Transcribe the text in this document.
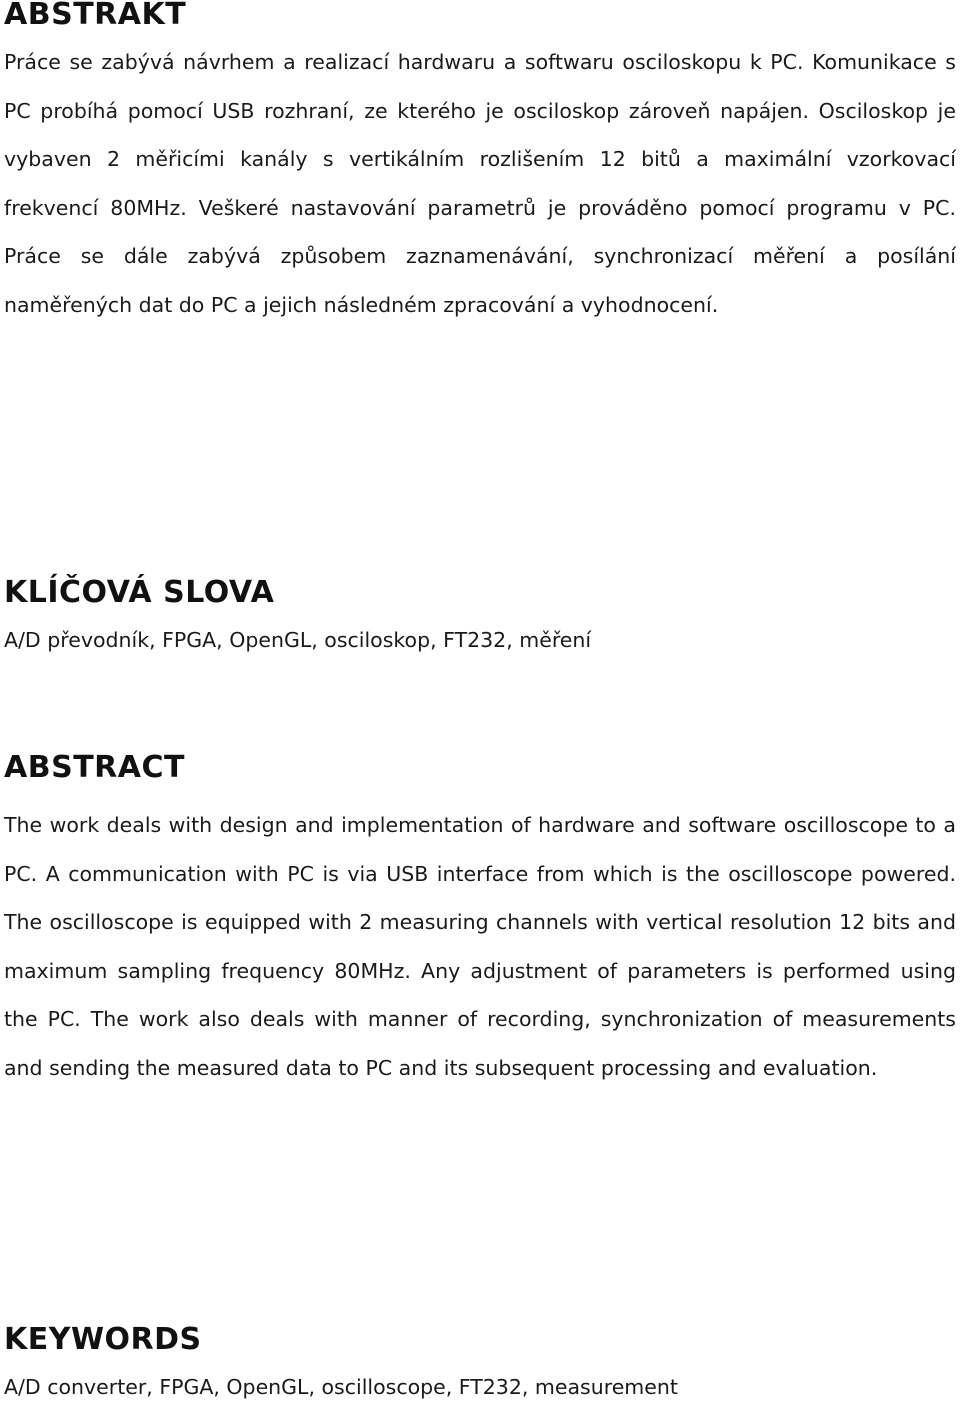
ABSTRAKT

Práce se zabývá návrhem a realizací hardwaru a softwaru osciloskopu k PC. Komunikace s PC probíhá pomocí USB rozhraní, ze kterého je osciloskop zároveň napájen. Osciloskop je vybaven 2 měřicími kanály s vertikálním rozlišením 12 bitů a maximální vzorkovací frekvencí 80MHz. Veškeré nastavování parametrů je prováděno pomocí programu v PC. Práce se dále zabývá způsobem zaznamenávání, synchronizací měření a posílání naměřených dat do PC a jejich následném zpracování a vyhodnocení.

KLÍČOVÁ SLOVA

A/D převodník, FPGA, OpenGL, osciloskop, FT232, měření

ABSTRACT

The work deals with design and implementation of hardware and software oscilloscope to a PC. A communication with PC is via USB interface from which is the oscilloscope powered. The oscilloscope is equipped with 2 measuring channels with vertical resolution 12 bits and maximum sampling frequency 80MHz. Any adjustment of parameters is performed using the PC. The work also deals with manner of recording, synchronization of measurements and sending the measured data to PC and its subsequent processing and evaluation.

KEYWORDS

A/D converter, FPGA, OpenGL, oscilloscope, FT232, measurement
